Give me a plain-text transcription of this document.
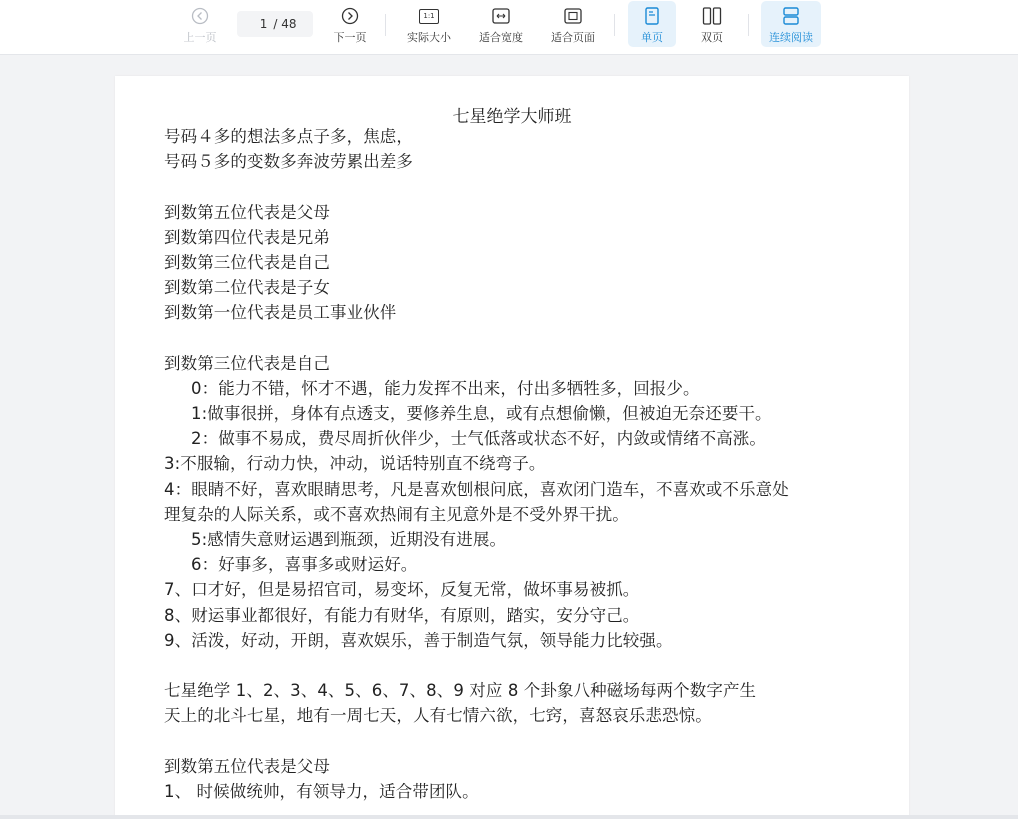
上一页
1
/ 48
下一页
1:1
实际大小	适合宽度	适合页面	单页	双页	连续阅读
七星绝学大师班
号码４多的想法多点子多，焦虑，
号码５多的变数多奔波劳累出差多
到数第五位代表是父母
到数第四位代表是兄弟
到数第三位代表是自己
到数第二位代表是子女
到数第一位代表是员工事业伙伴
到数第三位代表是自己
0：能力不错，怀才不遇，能力发挥不出来，付出多牺牲多，回报少。
1:做事很拼，身体有点透支，要修养生息，或有点想偷懒，但被迫无奈还要干。
2：做事不易成，费尽周折伙伴少，士气低落或状态不好，内敛或情绪不高涨。
3:不服输，行动力快，冲动，说话特别直不绕弯子。
4：眼睛不好，喜欢眼睛思考，凡是喜欢刨根问底，喜欢闭门造车，不喜欢或不乐意处
理复杂的人际关系，或不喜欢热闹有主见意外是不受外界干扰。
5:感情失意财运遇到瓶颈，近期没有进展。
6：好事多，喜事多或财运好。
7、口才好，但是易招官司，易变坏，反复无常，做坏事易被抓。
8、财运事业都很好，有能力有财华，有原则，踏实，安分守己。
9、活泼，好动，开朗，喜欢娱乐，善于制造气氛，领导能力比较强。
七星绝学 1、2、3、4、5、6、7、8、9 对应 8 个卦象八种磁场每两个数字产生
天上的北斗七星，地有一周七天，人有七情六欲，七窍，喜怒哀乐悲恐惊。
到数第五位代表是父母
1、 时候做统帅，有领导力，适合带团队。
